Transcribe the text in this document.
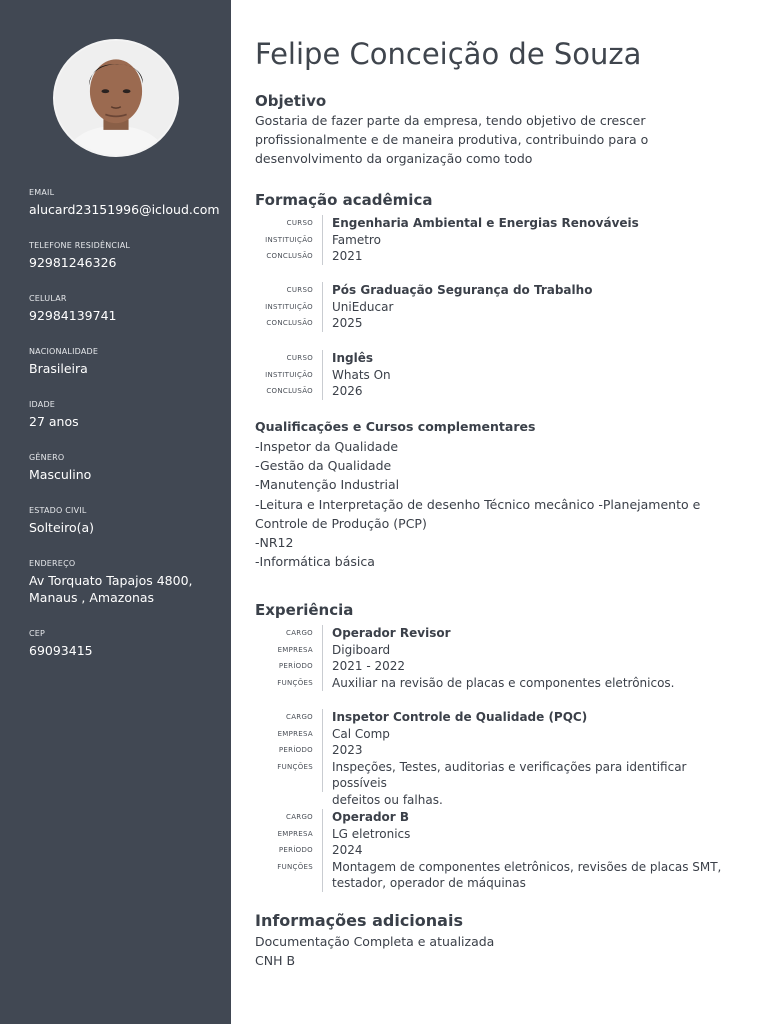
EMAIL
alucard23151996@icloud.com
TELEFONE RESIDÊNCIAL
92981246326
CELULAR
92984139741
NACIONALIDADE
Brasileira
IDADE
27 anos
GÊNERO
Masculino
ESTADO CIVIL
Solteiro(a)
ENDEREÇO
Av Torquato Tapajos 4800,
Manaus , Amazonas
CEP
69093415
Felipe Conceição de Souza
Objetivo
Gostaria de fazer parte da empresa, tendo objetivo de crescer
profissionalmente e de maneira produtiva, contribuindo para o
desenvolvimento da organização como todo
Formação acadêmica
CURSO Engenharia Ambiental e Energias Renováveis
INSTITUIÇÃO Fametro
CONCLUSÃO 2021
CURSO Pós Graduação Segurança do Trabalho
INSTITUIÇÃO UniEducar
CONCLUSÃO 2025
CURSO Inglês
INSTITUIÇÃO Whats On
CONCLUSÃO 2026
Qualificações e Cursos complementares
-Inspetor da Qualidade
-Gestão da Qualidade
-Manutenção Industrial
-Leitura e Interpretação de desenho Técnico mecânico -Planejamento e
Controle de Produção (PCP)
-NR12
-Informática básica
Experiência
CARGO Operador Revisor
EMPRESA Digiboard
PERÍODO 2021 - 2022
FUNÇÕES Auxiliar na revisão de placas e componentes eletrônicos.
CARGO Inspetor Controle de Qualidade (PQC)
EMPRESA Cal Comp
PERÍODO 2023
FUNÇÕES Inspeções, Testes, auditorias e verificações para identificar possíveis
defeitos ou falhas.
CARGO Operador B
EMPRESA LG eletronics
PERÍODO 2024
FUNÇÕES Montagem de componentes eletrônicos, revisões de placas SMT,
testador, operador de máquinas
Informações adicionais
Documentação Completa e atualizada
CNH B
